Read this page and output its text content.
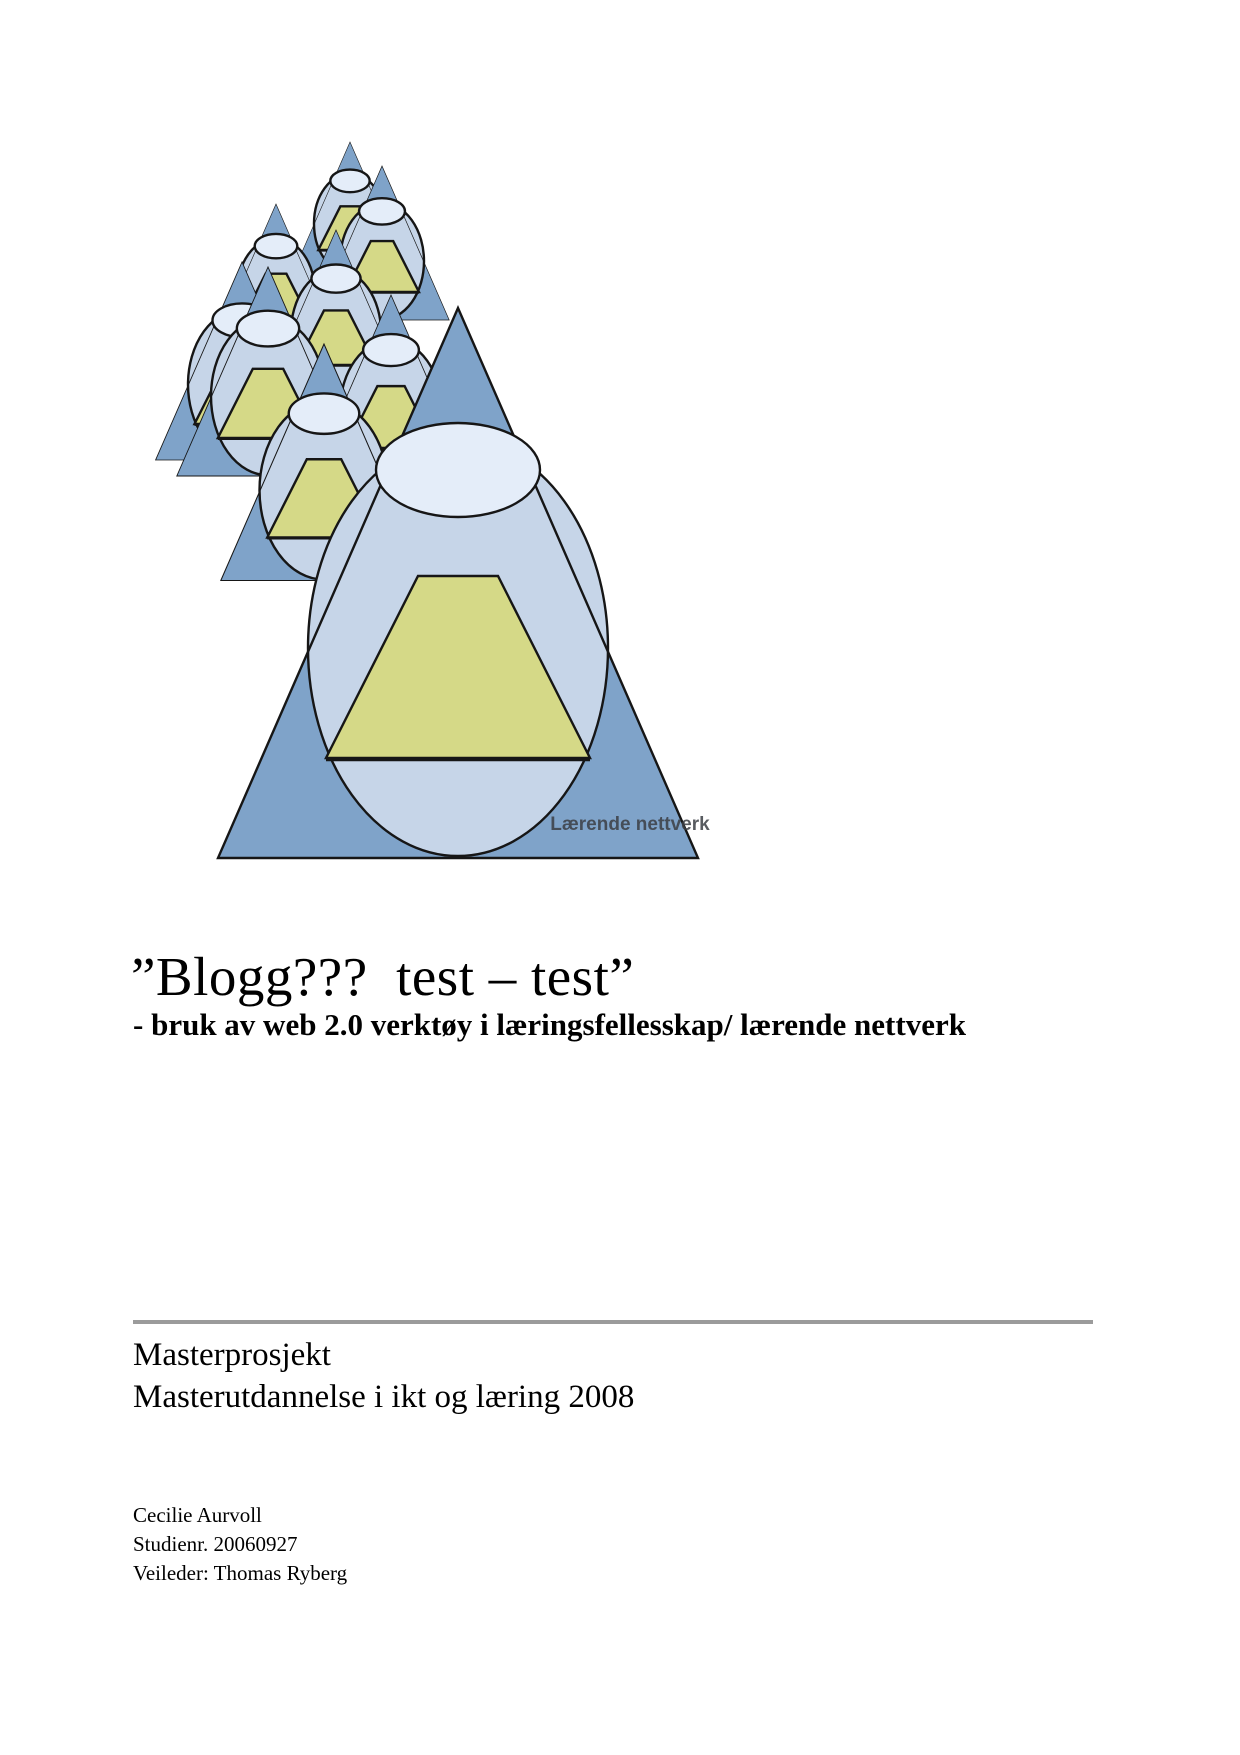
Lærende nettverk
”Blogg???  test – test”
- bruk av web 2.0 verktøy i læringsfellesskap/ lærende nettverk
Masterprosjekt
Masterutdannelse i ikt og læring 2008
Cecilie Aurvoll
Studienr. 20060927
Veileder: Thomas Ryberg
